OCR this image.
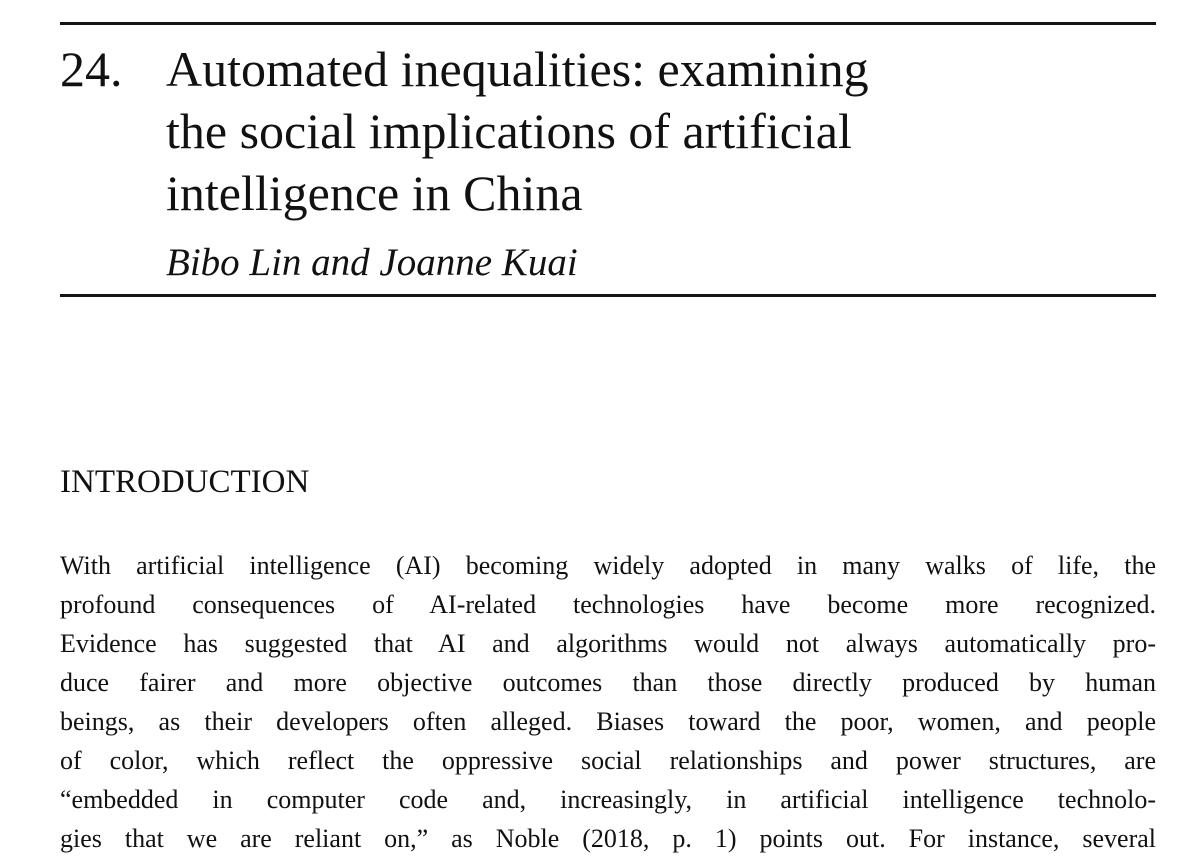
24. Automated inequalities: examining
the social implications of artificial
intelligence in China
Bibo Lin and Joanne Kuai
INTRODUCTION
With artificial intelligence (AI) becoming widely adopted in many walks of life, the
profound consequences of AI-related technologies have become more recognized.
Evidence has suggested that AI and algorithms would not always automatically pro-
duce fairer and more objective outcomes than those directly produced by human
beings, as their developers often alleged. Biases toward the poor, women, and people
of color, which reflect the oppressive social relationships and power structures, are
“embedded in computer code and, increasingly, in artificial intelligence technolo-
gies that we are reliant on,” as Noble (2018, p. 1) points out. For instance, several
